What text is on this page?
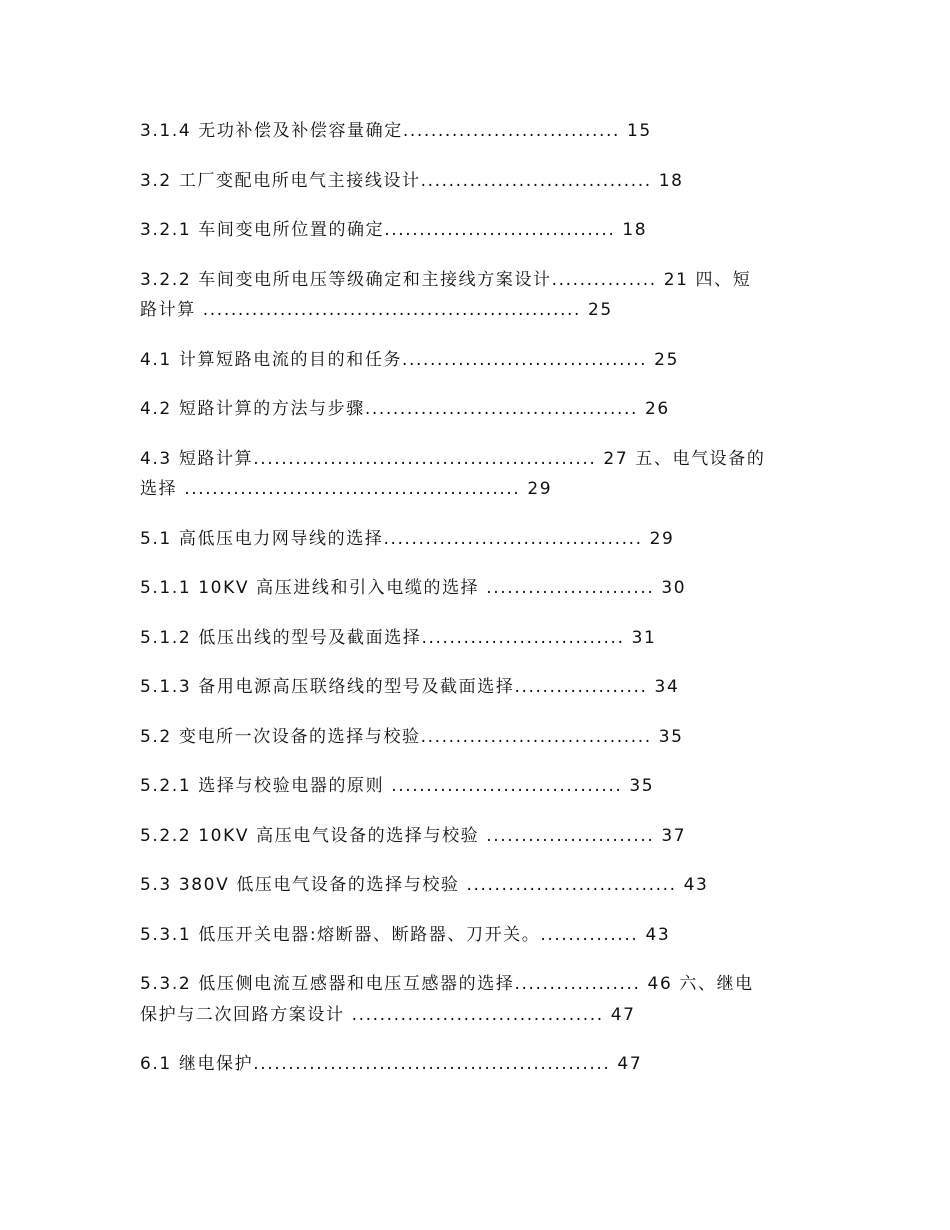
3.1.4 无功补偿及补偿容量确定............................... 15
3.2 工厂变配电所电气主接线设计................................. 18
3.2.1 车间变电所位置的确定................................. 18
3.2.2 车间变电所电压等级确定和主接线方案设计............... 21 四、短
路计算 ...................................................... 25
4.1 计算短路电流的目的和任务................................... 25
4.2 短路计算的方法与步骤....................................... 26
4.3 短路计算................................................. 27 五、电气设备的
选择 ................................................ 29
5.1 高低压电力网导线的选择..................................... 29
5.1.1 10KV 高压进线和引入电缆的选择 ........................ 30
5.1.2 低压出线的型号及截面选择............................. 31
5.1.3 备用电源高压联络线的型号及截面选择................... 34
5.2 变电所一次设备的选择与校验................................. 35
5.2.1 选择与校验电器的原则 ................................. 35
5.2.2 10KV 高压电气设备的选择与校验 ........................ 37
5.3 380V 低压电气设备的选择与校验 .............................. 43
5.3.1 低压开关电器:熔断器、断路器、刀开关。.............. 43
5.3.2 低压侧电流互感器和电压互感器的选择.................. 46 六、继电
保护与二次回路方案设计 .................................... 47
6.1 继电保护................................................... 47
